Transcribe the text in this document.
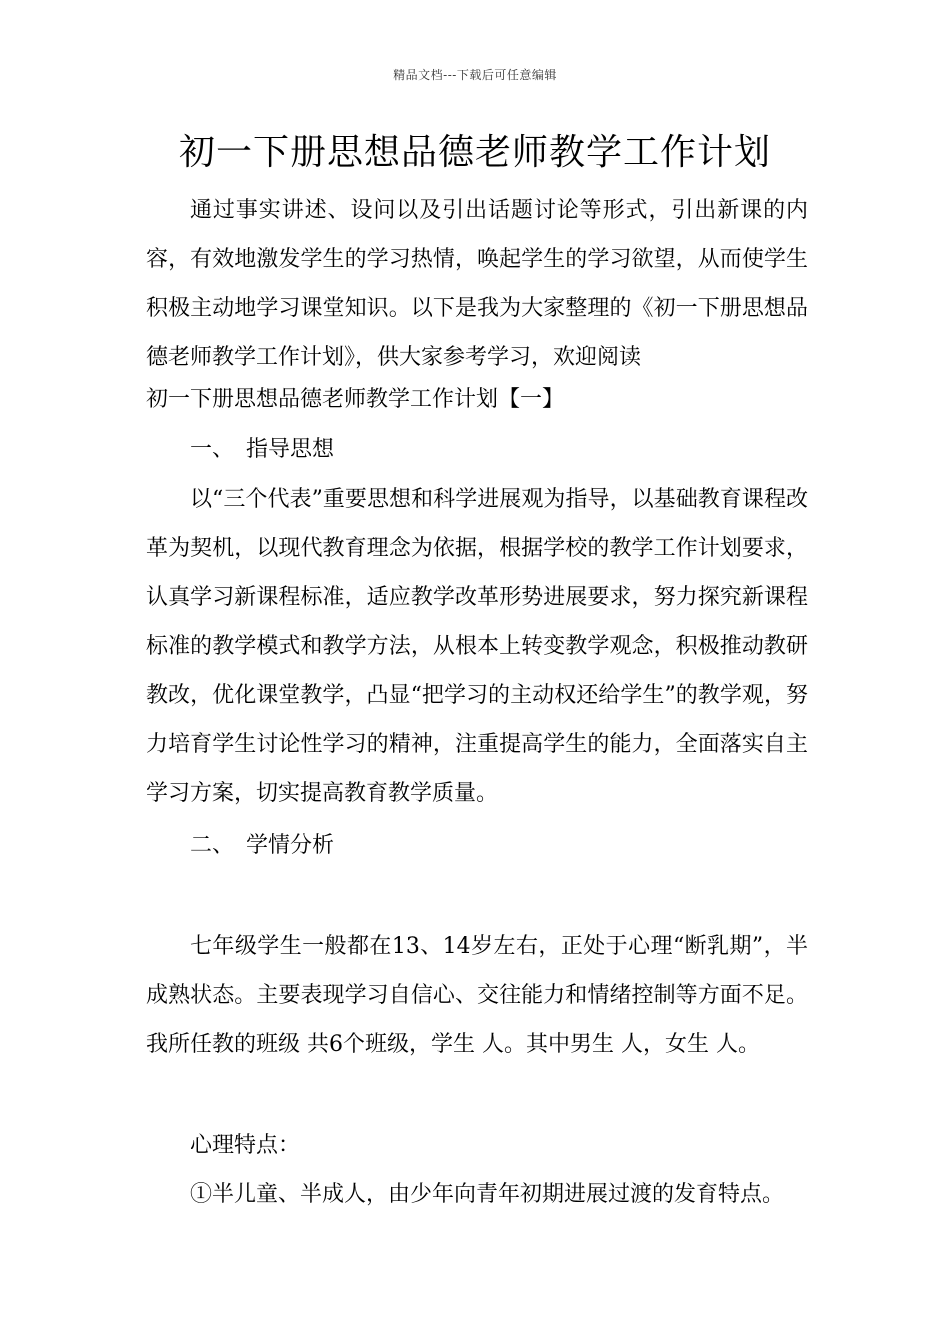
精品文档---下载后可任意编辑
初一下册思想品德老师教学工作计划

通过事实讲述、设问以及引出话题讨论等形式，引出新课的内容，有效地激发学生的学习热情，唤起学生的学习欲望，从而使学生积极主动地学习课堂知识。以下是我为大家整理的《初一下册思想品德老师教学工作计划》，供大家参考学习，欢迎阅读

初一下册思想品德老师教学工作计划【一】

一、 指导思想

以“三个代表”重要思想和科学进展观为指导，以基础教育课程改革为契机，以现代教育理念为依据，根据学校的教学工作计划要求，认真学习新课程标准，适应教学改革形势进展要求，努力探究新课程标准的教学模式和教学方法，从根本上转变教学观念，积极推动教研教改，优化课堂教学，凸显“把学习的主动权还给学生”的教学观，努力培育学生讨论性学习的精神，注重提高学生的能力，全面落实自主学习方案，切实提高教育教学质量。

二、 学情分析

七年级学生一般都在13、14岁左右，正处于心理“断乳期”，半成熟状态。主要表现学习自信心、交往能力和情绪控制等方面不足。我所任教的班级 共6个班级，学生 人。其中男生 人，女生 人。

心理特点：

①半儿童、半成人，由少年向青年初期进展过渡的发育特点。
